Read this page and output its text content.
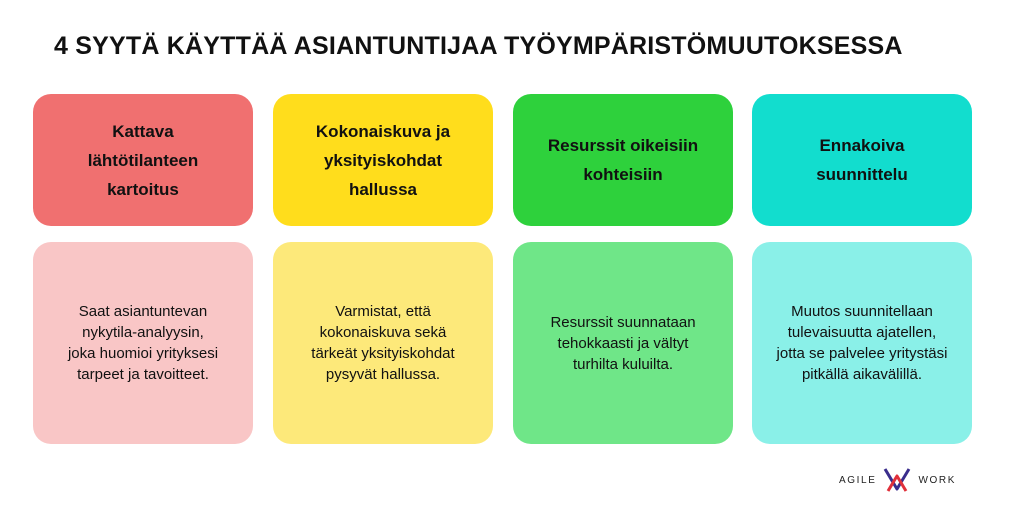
4 SYYTÄ KÄYTTÄÄ ASIANTUNTIJAA TYÖYMPÄRISTÖMUUTOKSESSA
Kattava
lähtötilanteen
kartoitus
Kokonaiskuva ja
yksityiskohdat
hallussa
Resurssit oikeisiin
kohteisiin
Ennakoiva
suunnittelu
Saat asiantuntevan
nykytila-analyysin,
joka huomioi yrityksesi
tarpeet ja tavoitteet.
Varmistat, että
kokonaiskuva sekä
tärkeät yksityiskohdat
pysyvät hallussa.
Resurssit suunnataan
tehokkaasti ja vältyt
turhilta kuluilta.
Muutos suunnitellaan
tulevaisuutta ajatellen,
jotta se palvelee yritystäsi
pitkällä aikavälillä.
AGILE	WORK
